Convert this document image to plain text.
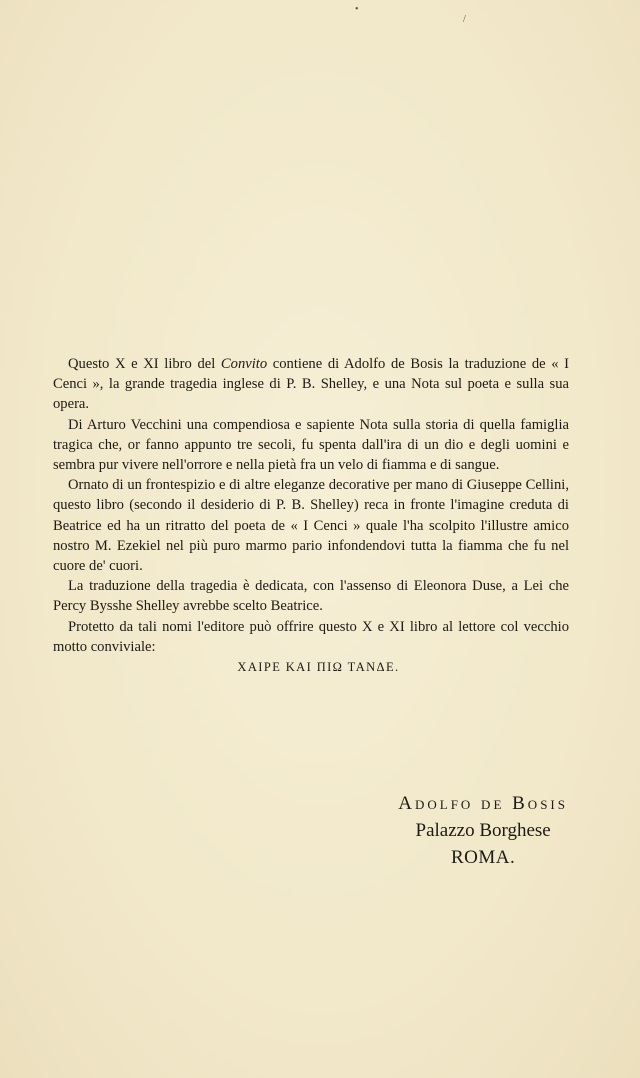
•
/

Questo X e XI libro del Convito contiene di Adolfo de Bosis la traduzione de « I Cenci », la grande tragedia inglese di P. B. Shelley, e una Nota sul poeta e sulla sua opera.

Di Arturo Vecchini una compendiosa e sapiente Nota sulla storia di quella famiglia tragica che, or fanno appunto tre secoli, fu spenta dall'ira di un dio e degli uomini e sembra pur vivere nell'orrore e nella pietà fra un velo di fiamma e di sangue.

Ornato di un frontespizio e di altre eleganze decorative per mano di Giuseppe Cellini, questo libro (secondo il desiderio di P. B. Shelley) reca in fronte l'imagine creduta di Beatrice ed ha un ritratto del poeta de « I Cenci » quale l'ha scolpito l'illustre amico nostro M. Ezekiel nel più puro marmo pario infondendovi tutta la fiamma che fu nel cuore de' cuori.

La traduzione della tragedia è dedicata, con l'assenso di Eleonora Duse, a Lei che Percy Bysshe Shelley avrebbe scelto Beatrice.

Protetto da tali nomi l'editore può offrire questo X e XI libro al lettore col vecchio motto conviviale:

ΧΑΙΡΕ ΚΑΙ ΠΙΩ ΤΑΝΔΕ.

Adolfo de Bosis
Palazzo Borghese
ROMA.
